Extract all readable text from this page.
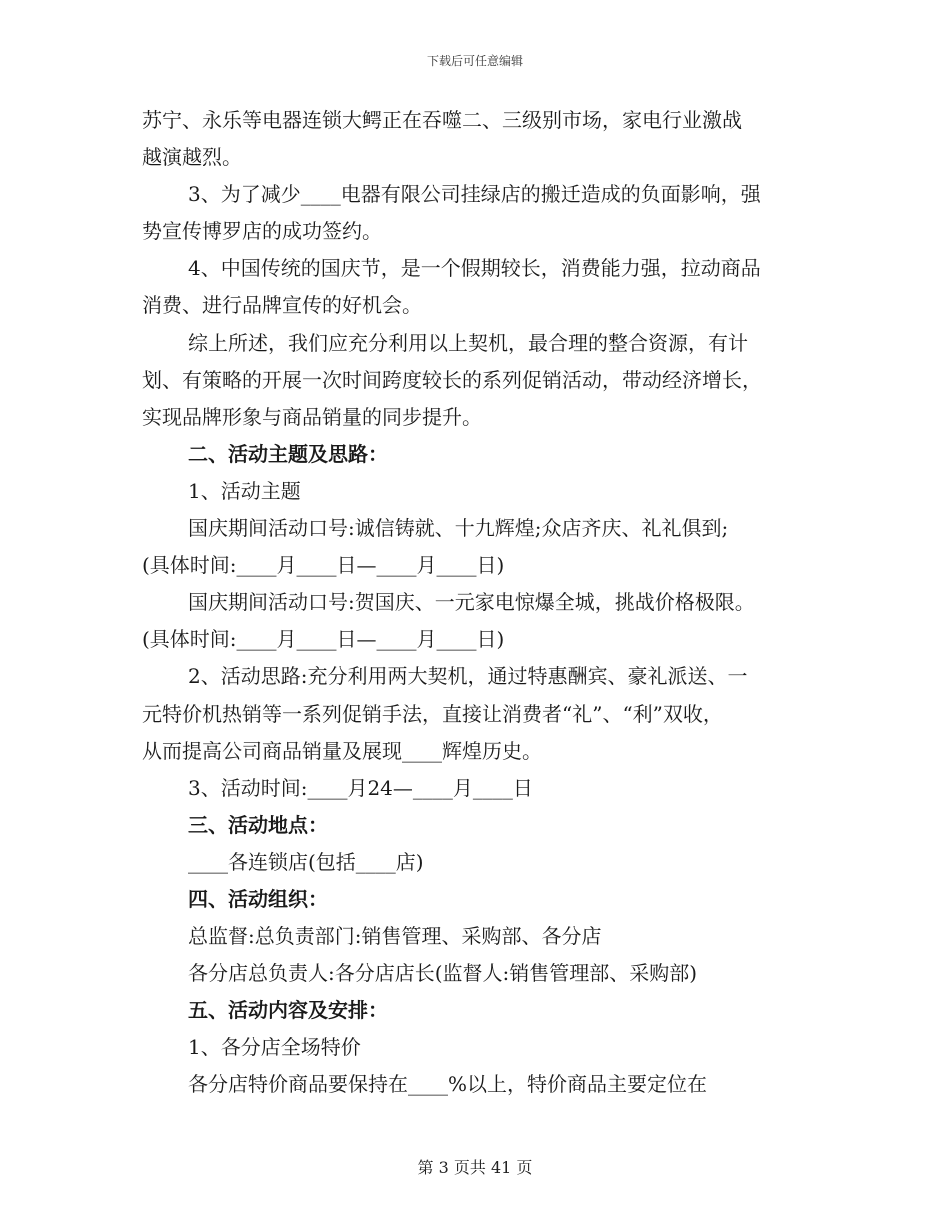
下载后可任意编辑
苏宁、永乐等电器连锁大鳄正在吞噬二、三级别市场，家电行业激战
越演越烈。
3、为了减少____电器有限公司挂绿店的搬迁造成的负面影响，强
势宣传博罗店的成功签约。
4、中国传统的国庆节，是一个假期较长，消费能力强，拉动商品
消费、进行品牌宣传的好机会。
综上所述，我们应充分利用以上契机，最合理的整合资源，有计
划、有策略的开展一次时间跨度较长的系列促销活动，带动经济增长，
实现品牌形象与商品销量的同步提升。
二、活动主题及思路：
1、活动主题
国庆期间活动口号:诚信铸就、十九辉煌;众店齐庆、礼礼俱到;
(具体时间:____月____日—____月____日)
国庆期间活动口号:贺国庆、一元家电惊爆全城，挑战价格极限。
(具体时间:____月____日—____月____日)
2、活动思路:充分利用两大契机，通过特惠酬宾、豪礼派送、一
元特价机热销等一系列促销手法，直接让消费者“礼”、“利”双收，
从而提高公司商品销量及展现____辉煌历史。
3、活动时间:____月24—____月____日
三、活动地点：
____各连锁店(包括____店)
四、活动组织：
总监督:总负责部门:销售管理、采购部、各分店
各分店总负责人:各分店店长(监督人:销售管理部、采购部)
五、活动内容及安排：
1、各分店全场特价
各分店特价商品要保持在____%以上，特价商品主要定位在
第 3 页共 41 页
